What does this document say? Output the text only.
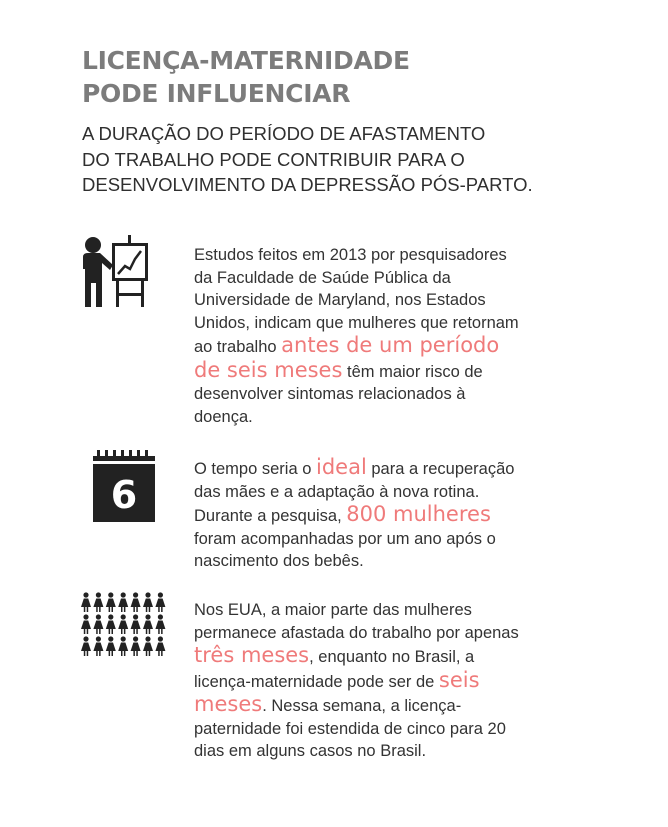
LICENÇA-MATERNIDADE
PODE INFLUENCIAR

A DURAÇÃO DO PERÍODO DE AFASTAMENTO
DO TRABALHO PODE CONTRIBUIR PARA O
DESENVOLVIMENTO DA DEPRESSÃO PÓS-PARTO.

Estudos feitos em 2013 por pesquisadores da Faculdade de Saúde Pública da Universidade de Maryland, nos Estados Unidos, indicam que mulheres que retornam ao trabalho antes de um período de seis meses têm maior risco de desenvolver sintomas relacionados à doença.

6

O tempo seria o ideal para a recuperação das mães e a adaptação à nova rotina. Durante a pesquisa, 800 mulheres foram acompanhadas por um ano após o nascimento dos bebês.

Nos EUA, a maior parte das mulheres permanece afastada do trabalho por apenas três meses, enquanto no Brasil, a licença-maternidade pode ser de seis meses. Nessa semana, a licença-paternidade foi estendida de cinco para 20 dias em alguns casos no Brasil.
